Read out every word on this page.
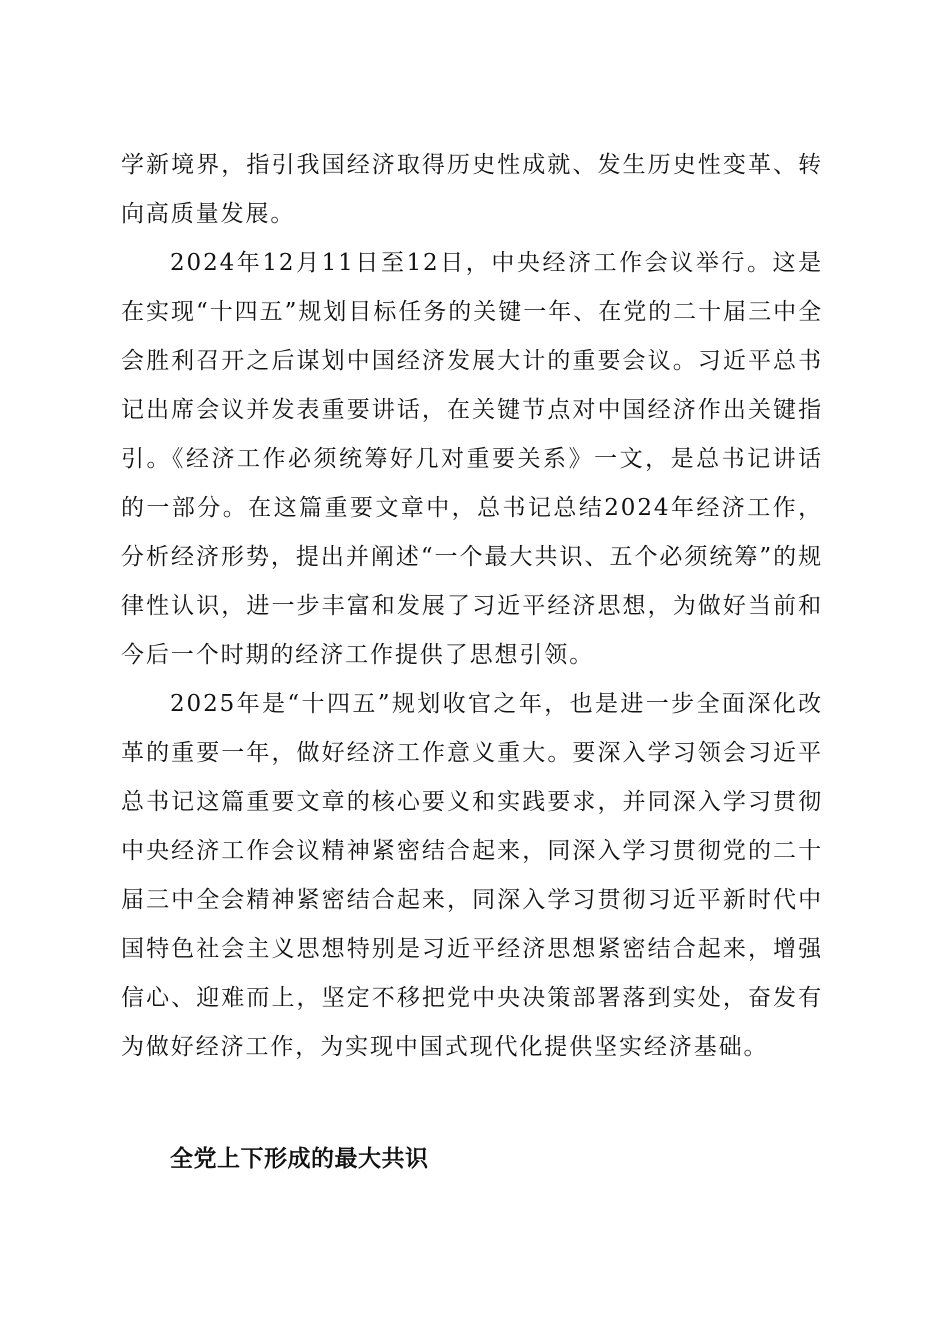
学新境界，指引我国经济取得历史性成就、发生历史性变革、转向高质量发展。

2024年12月11日至12日，中央经济工作会议举行。这是在实现“十四五”规划目标任务的关键一年、在党的二十届三中全会胜利召开之后谋划中国经济发展大计的重要会议。习近平总书记出席会议并发表重要讲话，在关键节点对中国经济作出关键指引。《经济工作必须统筹好几对重要关系》一文，是总书记讲话的一部分。在这篇重要文章中，总书记总结2024年经济工作，分析经济形势，提出并阐述“一个最大共识、五个必须统筹”的规律性认识，进一步丰富和发展了习近平经济思想，为做好当前和今后一个时期的经济工作提供了思想引领。

2025年是“十四五”规划收官之年，也是进一步全面深化改革的重要一年，做好经济工作意义重大。要深入学习领会习近平总书记这篇重要文章的核心要义和实践要求，并同深入学习贯彻中央经济工作会议精神紧密结合起来，同深入学习贯彻党的二十届三中全会精神紧密结合起来，同深入学习贯彻习近平新时代中国特色社会主义思想特别是习近平经济思想紧密结合起来，增强信心、迎难而上，坚定不移把党中央决策部署落到实处，奋发有为做好经济工作，为实现中国式现代化提供坚实经济基础。

全党上下形成的最大共识
